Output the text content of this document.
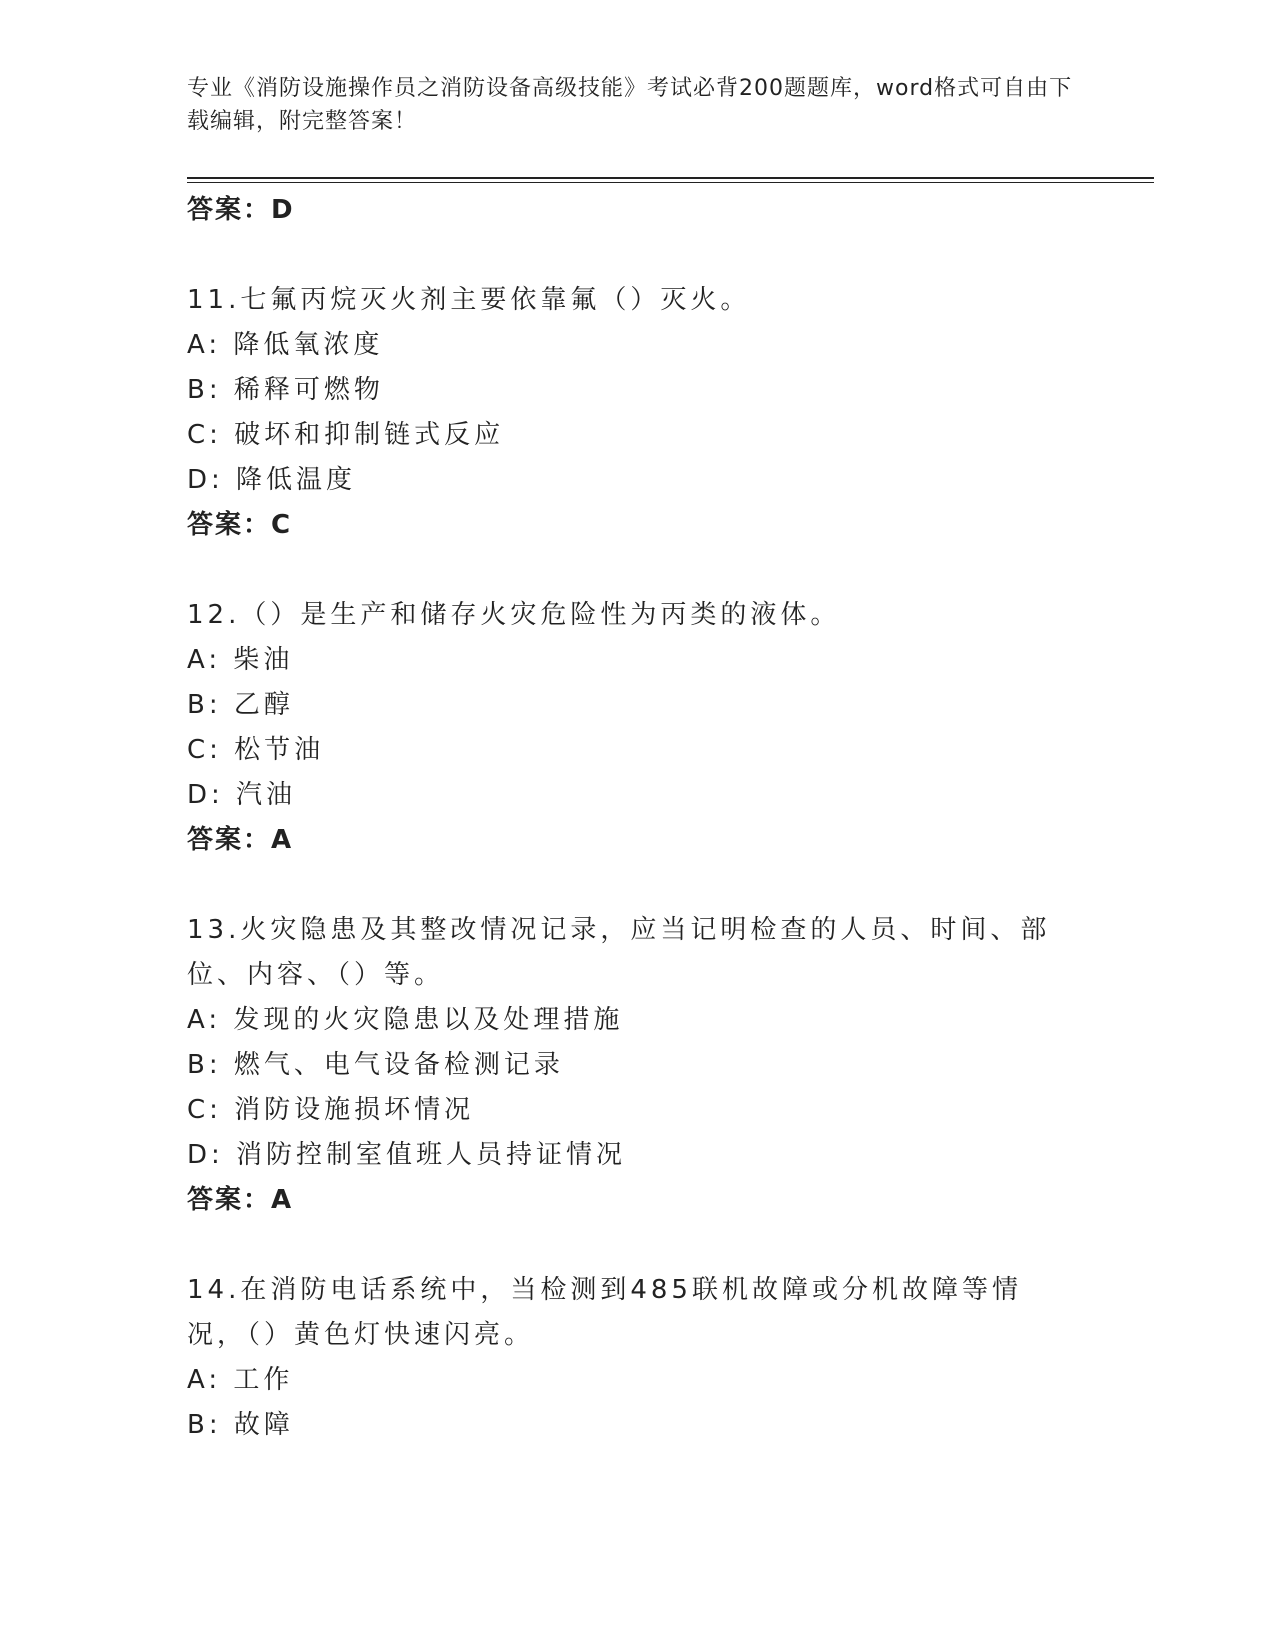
专业《消防设施操作员之消防设备高级技能》考试必背200题题库，word格式可自由下载编辑，附完整答案！
答案：D
11.七氟丙烷灭火剂主要依靠氟（）灭火。
A: 降低氧浓度
B: 稀释可燃物
C: 破坏和抑制链式反应
D: 降低温度
答案：C
12.（）是生产和储存火灾危险性为丙类的液体。
A: 柴油
B: 乙醇
C: 松节油
D: 汽油
答案：A
13.火灾隐患及其整改情况记录，应当记明检查的人员、时间、部位、内容、（）等。
A: 发现的火灾隐患以及处理措施
B: 燃气、电气设备检测记录
C: 消防设施损坏情况
D: 消防控制室值班人员持证情况
答案：A
14.在消防电话系统中，当检测到485联机故障或分机故障等情况，（）黄色灯快速闪亮。
A: 工作
B: 故障
